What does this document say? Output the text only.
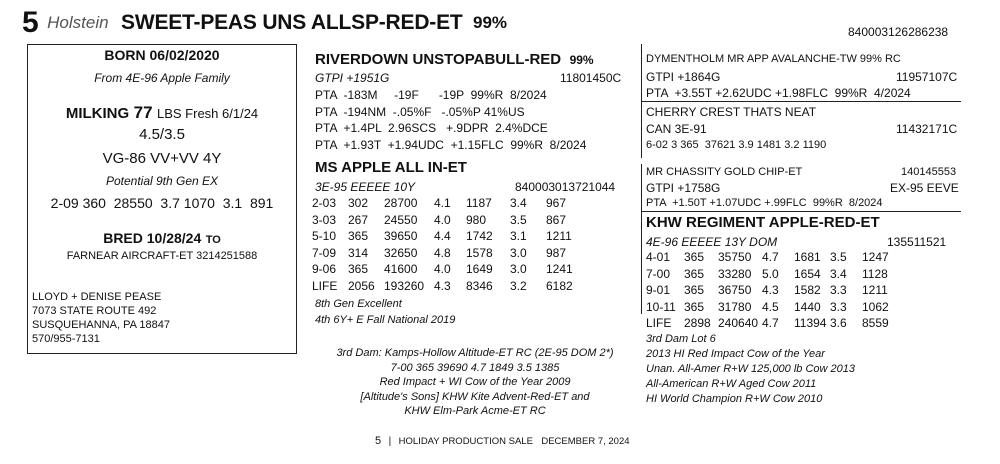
5 Holstein SWEET-PEAS UNS ALLSP-RED-ET 99%	840003126286238
BORN 06/02/2020
From 4E-96 Apple Family
MILKING 77 LBS Fresh 6/1/24
4.5/3.5
VG-86 VV+VV 4Y
Potential 9th Gen EX
2-09 360  28550  3.7 1070  3.1  891
BRED 10/28/24 TO
FARNEAR AIRCRAFT-ET 3214251588
LLOYD + DENISE PEASE
7073 STATE ROUTE 492
SUSQUEHANNA, PA 18847
570/955-7131
RIVERDOWN UNSTOPABULL-RED 99%
GTPI +1951G	11801450C
PTA  -183M     -19F      -19P  99%R  8/2024
PTA  -194NM  -.05%F   -.05%P 41%US
PTA  +1.4PL  2.96SCS   +.9DPR  2.4%DCE
PTA  +1.93T  +1.94UDC  +1.15FLC  99%R  8/2024
MS APPLE ALL IN-ET
3E-95 EEEEE 10Y	840003013721044
2-03	302	28700	4.1	1187	3.4	967
3-03	267	24550	4.0	980	3.5	867
5-10	365	39650	4.4	1742	3.1	1211
7-09	314	32650	4.8	1578	3.0	987
9-06	365	41600	4.0	1649	3.0	1241
LIFE	2056	193260	4.3	8346	3.2	6182
8th Gen Excellent
4th 6Y+ E Fall National 2019
3rd Dam: Kamps-Hollow Altitude-ET RC (2E-95 DOM 2*)
7-00 365 39690 4.7 1849 3.5 1385
Red Impact + WI Cow of the Year 2009
[Altitude's Sons] KHW Kite Advent-Red-ET and
KHW Elm-Park Acme-ET RC
DYMENTHOLM MR APP AVALANCHE-TW 99% RC
GTPI +1864G	11957107C
PTA  +3.55T +2.62UDC +1.98FLC  99%R  4/2024
CHERRY CREST THATS NEAT
CAN 3E-91	11432171C
6-02 3 365  37621 3.9 1481 3.2 1190
MR CHASSITY GOLD CHIP-ET	140145553
GTPI +1758G	EX-95 EEVE
PTA  +1.50T +1.07UDC +.99FLC  99%R  8/2024
KHW REGIMENT APPLE-RED-ET
4E-96 EEEEE 13Y DOM	135511521
4-01	365	35750	4.7	1681	3.5	1247
7-00	365	33280	5.0	1654	3.4	1128
9-01	365	36750	4.3	1582	3.3	1211
10-11	365	31780	4.5	1440	3.3	1062
LIFE	2898	240640	4.7	11394	3.6	8559
3rd Dam Lot 6
2013 HI Red Impact Cow of the Year
Unan. All-Amer R+W 125,000 lb Cow 2013
All-American R+W Aged Cow 2011
HI World Champion R+W Cow 2010
5 | HOLIDAY PRODUCTION SALE DECEMBER 7, 2024
